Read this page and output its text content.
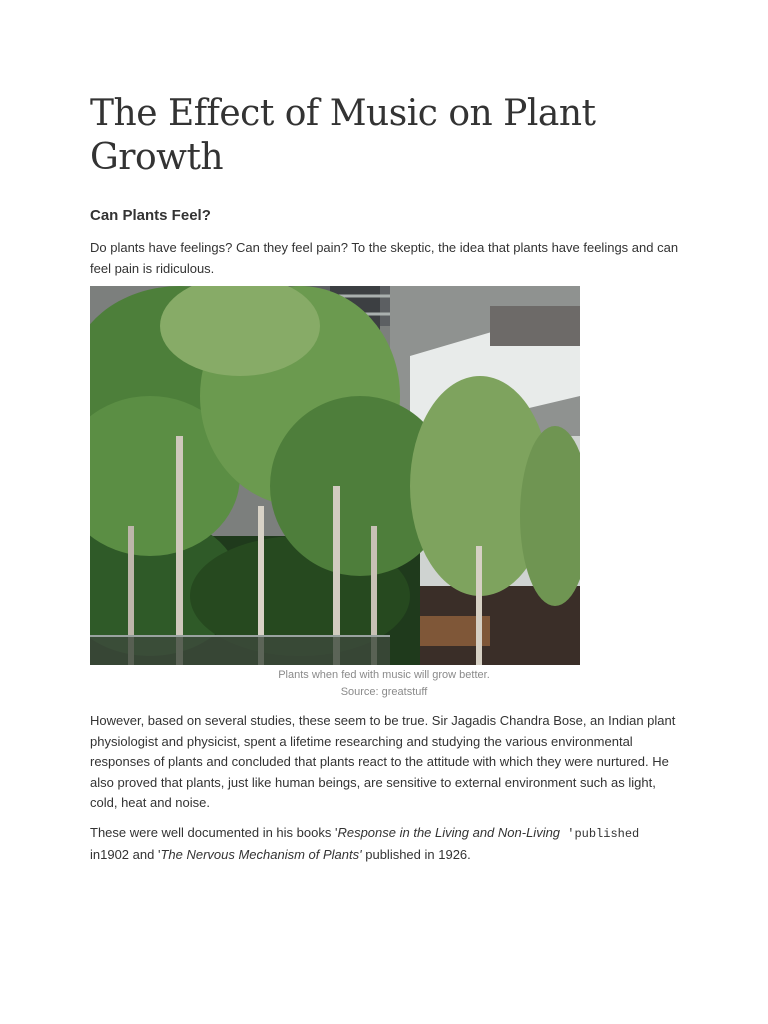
The Effect of Music on Plant Growth
Can Plants Feel?

Do plants have feelings? Can they feel pain? To the skeptic, the idea that plants have feelings and can feel pain is ridiculous.

Plants when fed with music will grow better.

Source: greatstuff

However, based on several studies, these seem to be true. Sir Jagadis Chandra Bose, an Indian plant physiologist and physicist, spent a lifetime researching and studying the various environmental responses of plants and concluded that plants react to the attitude with which they were nurtured. He also proved that plants, just like human beings, are sensitive to external environment such as light, cold, heat and noise.

These were well documented in his books 'Response in the Living and Non-Living 'published in1902 and 'The Nervous Mechanism of Plants' published in 1926.
